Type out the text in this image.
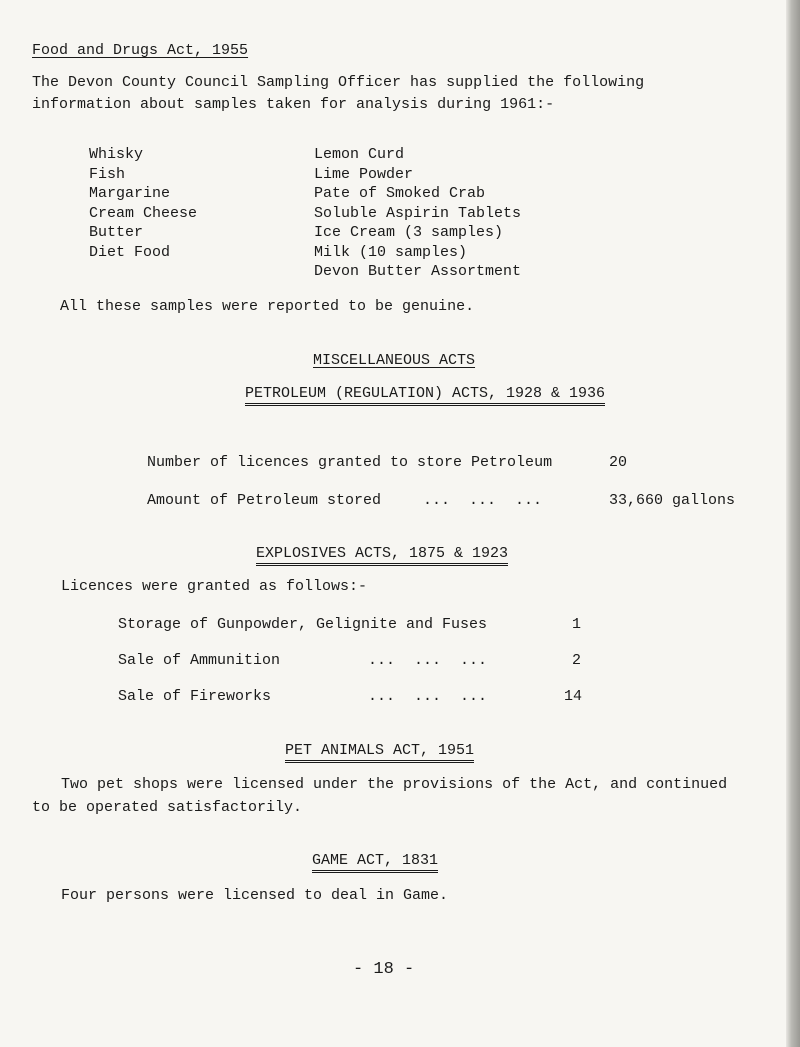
Food and Drugs Act, 1955
The Devon County Council Sampling Officer has supplied the following
information about samples taken for analysis during 1961:-
Whisky
Fish
Margarine
Cream Cheese
Butter
Diet Food
Lemon Curd
Lime Powder
Pate of Smoked Crab
Soluble Aspirin Tablets
Ice Cream (3 samples)
Milk (10 samples)
Devon Butter Assortment
All these samples were reported to be genuine.
MISCELLANEOUS ACTS
PETROLEUM (REGULATION) ACTS, 1928 & 1936
Number of licences granted to store Petroleum	20
Amount of Petroleum stored	... ... ...	33,660 gallons
EXPLOSIVES ACTS, 1875 & 1923
Licences were granted as follows:-
Storage of Gunpowder, Gelignite and Fuses	1
Sale of Ammunition	... ... ...	2
Sale of Fireworks	... ... ...	14
PET ANIMALS ACT, 1951
Two pet shops were licensed under the provisions of the Act, and continued
to be operated satisfactorily.
GAME ACT, 1831
Four persons were licensed to deal in Game.
- 18 -
